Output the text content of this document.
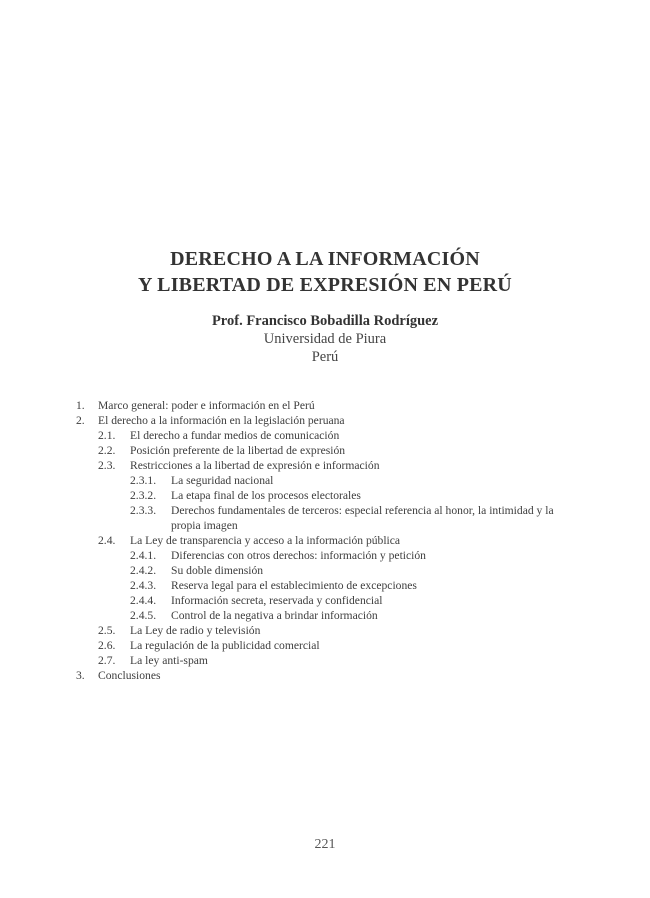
DERECHO A LA INFORMACIÓN
Y LIBERTAD DE EXPRESIÓN EN PERÚ
Prof. Francisco Bobadilla Rodríguez
Universidad de Piura
Perú
1. Marco general: poder e información en el Perú
2. El derecho a la información en la legislación peruana
2.1. El derecho a fundar medios de comunicación
2.2. Posición preferente de la libertad de expresión
2.3. Restricciones a la libertad de expresión e información
2.3.1. La seguridad nacional
2.3.2. La etapa final de los procesos electorales
2.3.3. Derechos fundamentales de terceros: especial referencia al honor, la intimidad y la
propia imagen
2.4. La Ley de transparencia y acceso a la información pública
2.4.1. Diferencias con otros derechos: información y petición
2.4.2. Su doble dimensión
2.4.3. Reserva legal para el establecimiento de excepciones
2.4.4. Información secreta, reservada y confidencial
2.4.5. Control de la negativa a brindar información
2.5. La Ley de radio y televisión
2.6. La regulación de la publicidad comercial
2.7. La ley anti-spam
3. Conclusiones
221
